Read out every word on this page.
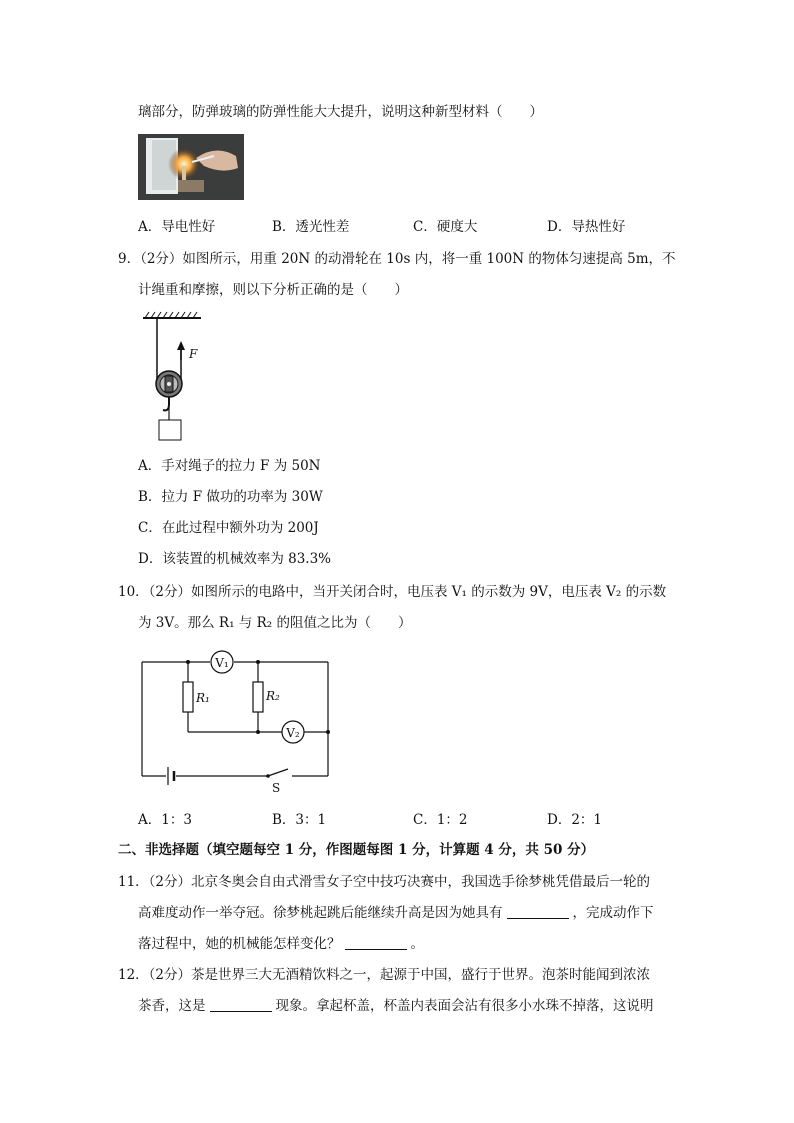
璃部分，防弹玻璃的防弹性能大大提升，说明这种新型材料（　　）
A．导电性好	B．透光性差	C．硬度大	D．导热性好
9．（2分）如图所示，用重 20N 的动滑轮在 10s 内，将一重 100N 的物体匀速提高 5m，不
计绳重和摩擦，则以下分析正确的是（　　）
F
A．手对绳子的拉力 F 为 50N
B．拉力 F 做功的功率为 30W
C．在此过程中额外功为 200J
D．该装置的机械效率为 83.3%
10．（2分）如图所示的电路中，当开关闭合时，电压表 V₁ 的示数为 9V，电压表 V₂ 的示数
为 3V。那么 R₁ 与 R₂ 的阻值之比为（　　）
V₁
V₂
R₁	R₂
S
A．1：3	B．3：1	C．1：2	D．2：1
二、非选择题（填空题每空 1 分，作图题每图 1 分，计算题 4 分，共 50 分）
11．（2分）北京冬奥会自由式滑雪女子空中技巧决赛中，我国选手徐梦桃凭借最后一轮的
高难度动作一举夺冠。徐梦桃起跳后能继续升高是因为她具有	，完成动作下
落过程中，她的机械能怎样变化？	。
12．（2分）茶是世界三大无酒精饮料之一，起源于中国，盛行于世界。泡茶时能闻到浓浓
茶香，这是	现象。拿起杯盖，杯盖内表面会沾有很多小水珠不掉落，这说明
